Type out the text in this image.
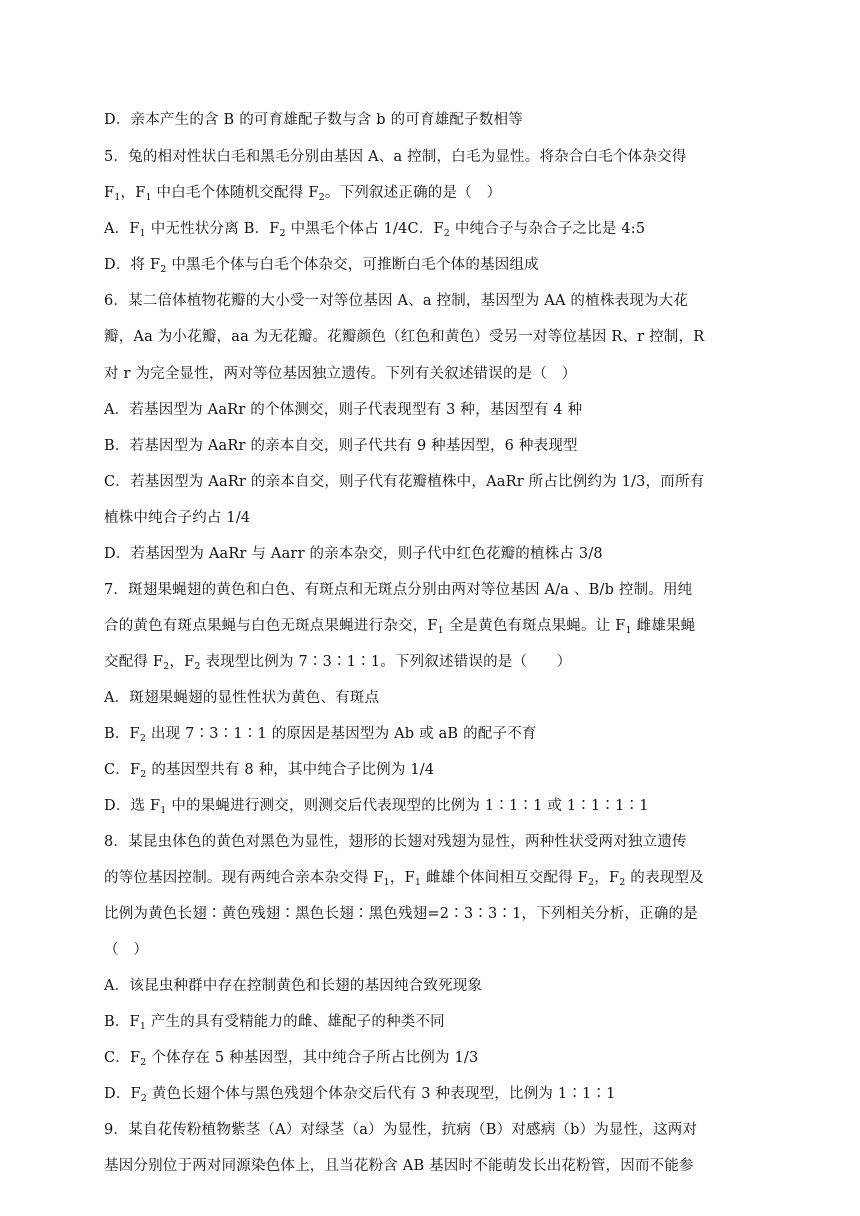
D．亲本产生的含 B 的可育雄配子数与含 b 的可育雄配子数相等
5．兔的相对性状白毛和黑毛分别由基因 A、a 控制，白毛为显性。将杂合白毛个体杂交得
$F_1$，$F_1$ 中白毛个体随机交配得 $F_2$。下列叙述正确的是（　）
A．$F_1$ 中无性状分离 B．$F_2$ 中黑毛个体占 1/4C．$F_2$ 中纯合子与杂合子之比是 4:5
D．将 $F_2$ 中黑毛个体与白毛个体杂交，可推断白毛个体的基因组成
6．某二倍体植物花瓣的大小受一对等位基因 A、a 控制，基因型为 AA 的植株表现为大花
瓣，Aa 为小花瓣，aa 为无花瓣。花瓣颜色（红色和黄色）受另一对等位基因 R、r 控制，R
对 r 为完全显性，两对等位基因独立遗传。下列有关叙述错误的是（　）
A．若基因型为 AaRr 的个体测交，则子代表现型有 3 种，基因型有 4 种
B．若基因型为 AaRr 的亲本自交，则子代共有 9 种基因型，6 种表现型
C．若基因型为 AaRr 的亲本自交，则子代有花瓣植株中，AaRr 所占比例约为 1/3，而所有
植株中纯合子约占 1/4
D．若基因型为 AaRr 与 Aarr 的亲本杂交，则子代中红色花瓣的植株占 3/8
7．斑翅果蝇翅的黄色和白色、有斑点和无斑点分别由两对等位基因 A/a 、B/b 控制。用纯
合的黄色有斑点果蝇与白色无斑点果蝇进行杂交，$F_1$ 全是黄色有斑点果蝇。让 $F_1$ 雌雄果蝇
交配得 $F_2$，$F_2$ 表现型比例为 7∶3∶1∶1。下列叙述错误的是（　　）
A．斑翅果蝇翅的显性性状为黄色、有斑点
B．$F_2$ 出现 7∶3∶1∶1 的原因是基因型为 Ab 或 aB 的配子不育
C．$F_2$ 的基因型共有 8 种，其中纯合子比例为 1/4
D．选 $F_1$ 中的果蝇进行测交，则测交后代表现型的比例为 1∶1∶1 或 1∶1∶1∶1
8．某昆虫体色的黄色对黑色为显性，翅形的长翅对残翅为显性，两种性状受两对独立遗传
的等位基因控制。现有两纯合亲本杂交得 $F_1$，$F_1$ 雌雄个体间相互交配得 $F_2$，$F_2$ 的表现型及
比例为黄色长翅∶黄色残翅∶黑色长翅∶黑色残翅=2∶3∶3∶1，下列相关分析，正确的是
（　）
A．该昆虫种群中存在控制黄色和长翅的基因纯合致死现象
B．$F_1$ 产生的具有受精能力的雌、雄配子的种类不同
C．$F_2$ 个体存在 5 种基因型，其中纯合子所占比例为 1/3
D．$F_2$ 黄色长翅个体与黑色残翅个体杂交后代有 3 种表现型，比例为 1∶1∶1
9．某自花传粉植物紫茎（A）对绿茎（a）为显性，抗病（B）对感病（b）为显性，这两对
基因分别位于两对同源染色体上，且当花粉含 AB 基因时不能萌发长出花粉管，因而不能参
